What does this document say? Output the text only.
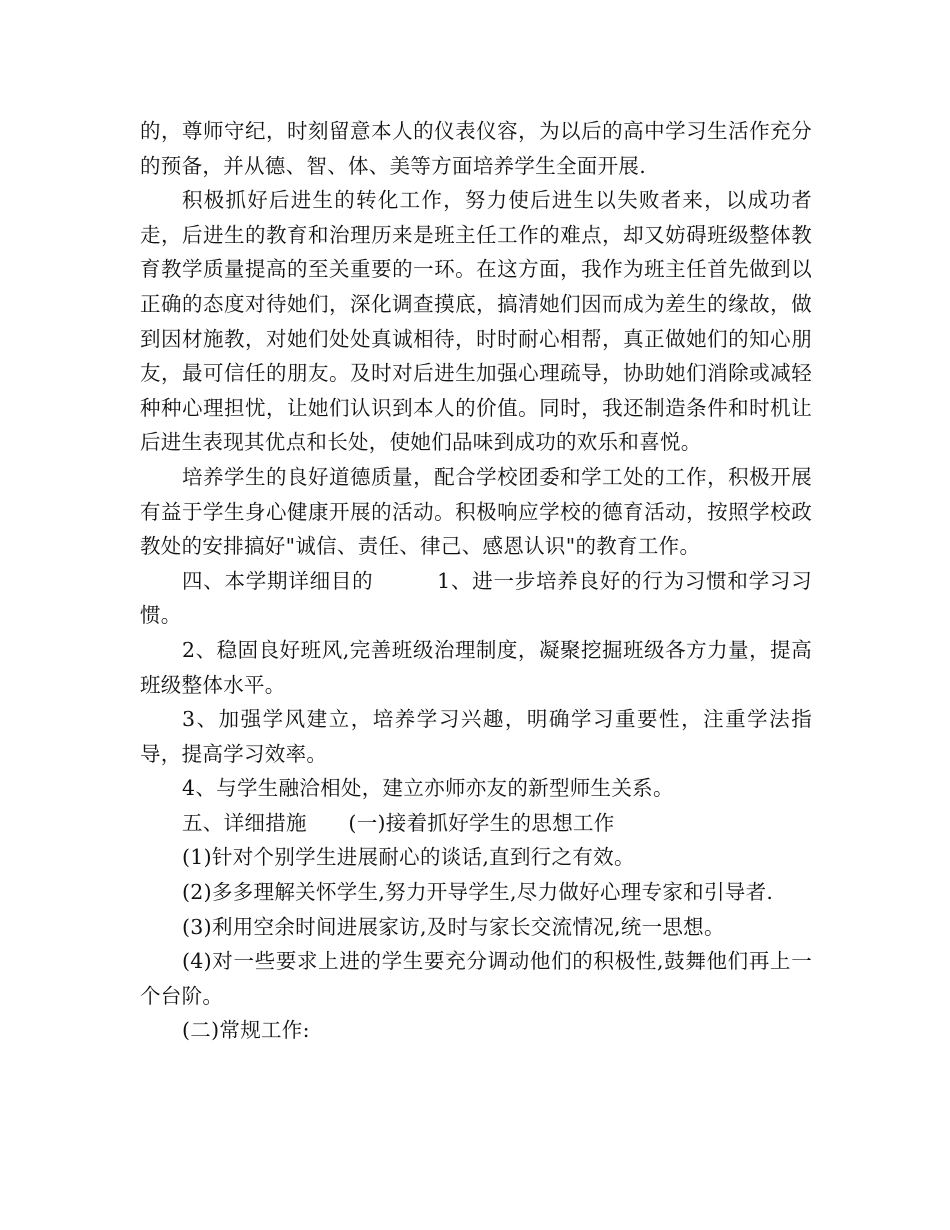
的，尊师守纪，时刻留意本人的仪表仪容，为以后的高中学习生活作充分的预备，并从德、智、体、美等方面培养学生全面开展.

积极抓好后进生的转化工作，努力使后进生以失败者来，以成功者走，后进生的教育和治理历来是班主任工作的难点，却又妨碍班级整体教育教学质量提高的至关重要的一环。在这方面，我作为班主任首先做到以正确的态度对待她们，深化调查摸底，搞清她们因而成为差生的缘故，做到因材施教，对她们处处真诚相待，时时耐心相帮，真正做她们的知心朋友，最可信任的朋友。及时对后进生加强心理疏导，协助她们消除或减轻种种心理担忧，让她们认识到本人的价值。同时，我还制造条件和时机让后进生表现其优点和长处，使她们品味到成功的欢乐和喜悦。

培养学生的良好道德质量，配合学校团委和学工处的工作，积极开展有益于学生身心健康开展的活动。积极响应学校的德育活动，按照学校政教处的安排搞好"诚信、责任、律己、感恩认识"的教育工作。

四、本学期详细目的　　　1、进一步培养良好的行为习惯和学习习惯。

2、稳固良好班风,完善班级治理制度，凝聚挖掘班级各方力量，提高班级整体水平。

3、加强学风建立，培养学习兴趣，明确学习重要性，注重学法指导，提高学习效率。

4、与学生融洽相处，建立亦师亦友的新型师生关系。

五、详细措施　　(一)接着抓好学生的思想工作

(1)针对个别学生进展耐心的谈话,直到行之有效。

(2)多多理解关怀学生,努力开导学生,尽力做好心理专家和引导者.

(3)利用空余时间进展家访,及时与家长交流情况,统一思想。

(4)对一些要求上进的学生要充分调动他们的积极性,鼓舞他们再上一个台阶。

(二)常规工作:
